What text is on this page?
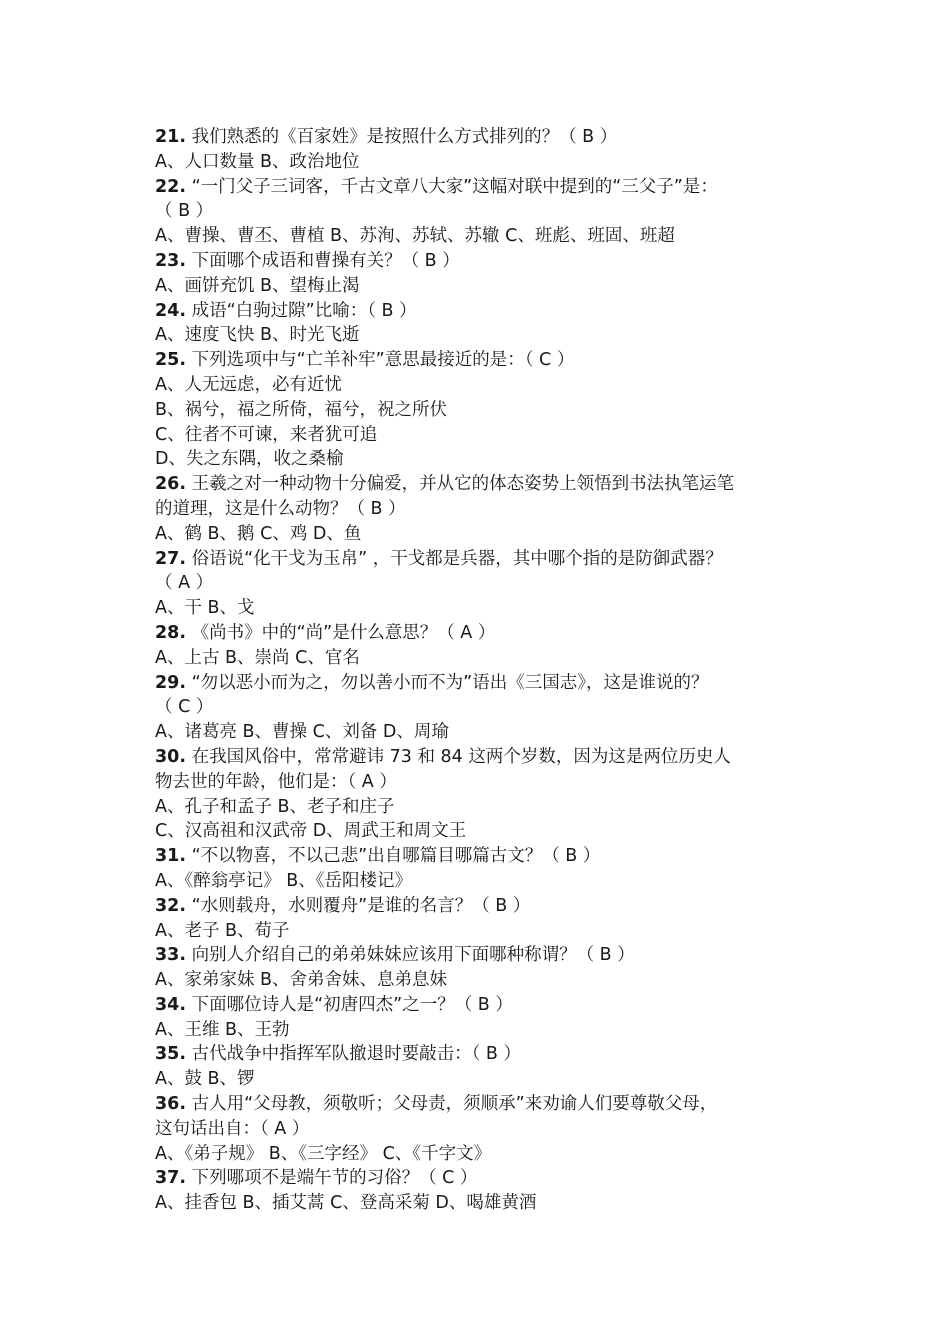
21. 我们熟悉的《百家姓》是按照什么方式排列的？（ B ）
A、人口数量 B、政治地位
22. “一门父子三词客，千古文章八大家”这幅对联中提到的“三父子”是：
（ B ）
A、曹操、曹丕、曹植 B、苏洵、苏轼、苏辙 C、班彪、班固、班超
23. 下面哪个成语和曹操有关？（ B ）
A、画饼充饥 B、望梅止渴
24. 成语“白驹过隙”比喻：（ B ）
A、速度飞快 B、时光飞逝
25. 下列选项中与“亡羊补牢”意思最接近的是：（ C ）
A、人无远虑，必有近忧
B、祸兮，福之所倚，福兮，祝之所伏
C、往者不可谏，来者犹可追
D、失之东隅，收之桑榆
26. 王羲之对一种动物十分偏爱，并从它的体态姿势上领悟到书法执笔运笔
的道理，这是什么动物？（ B ）
A、鹤 B、鹅 C、鸡 D、鱼
27. 俗语说“化干戈为玉帛” ，干戈都是兵器，其中哪个指的是防御武器？
（ A ）
A、干 B、戈
28. 《尚书》中的“尚”是什么意思？（ A ）
A、上古 B、崇尚 C、官名
29. “勿以恶小而为之，勿以善小而不为”语出《三国志》，这是谁说的？
（ C ）
A、诸葛亮 B、曹操 C、刘备 D、周瑜
30. 在我国风俗中，常常避讳 73 和 84 这两个岁数，因为这是两位历史人
物去世的年龄，他们是：（ A ）
A、孔子和孟子 B、老子和庄子
C、汉高祖和汉武帝 D、周武王和周文王
31. “不以物喜，不以己悲”出自哪篇目哪篇古文？（ B ）
A、《醉翁亭记》 B、《岳阳楼记》
32. “水则载舟，水则覆舟”是谁的名言？（ B ）
A、老子 B、荀子
33. 向别人介绍自己的弟弟妹妹应该用下面哪种称谓？（ B ）
A、家弟家妹 B、舍弟舍妹、息弟息妹
34. 下面哪位诗人是“初唐四杰”之一？（ B ）
A、王维 B、王勃
35. 古代战争中指挥军队撤退时要敲击：（ B ）
A、鼓 B、锣
36. 古人用“父母教，须敬听；父母责，须顺承”来劝谕人们要尊敬父母，
这句话出自：（ A ）
A、《弟子规》 B、《三字经》 C、《千字文》
37. 下列哪项不是端午节的习俗？（ C ）
A、挂香包 B、插艾蒿 C、登高采菊 D、喝雄黄酒
